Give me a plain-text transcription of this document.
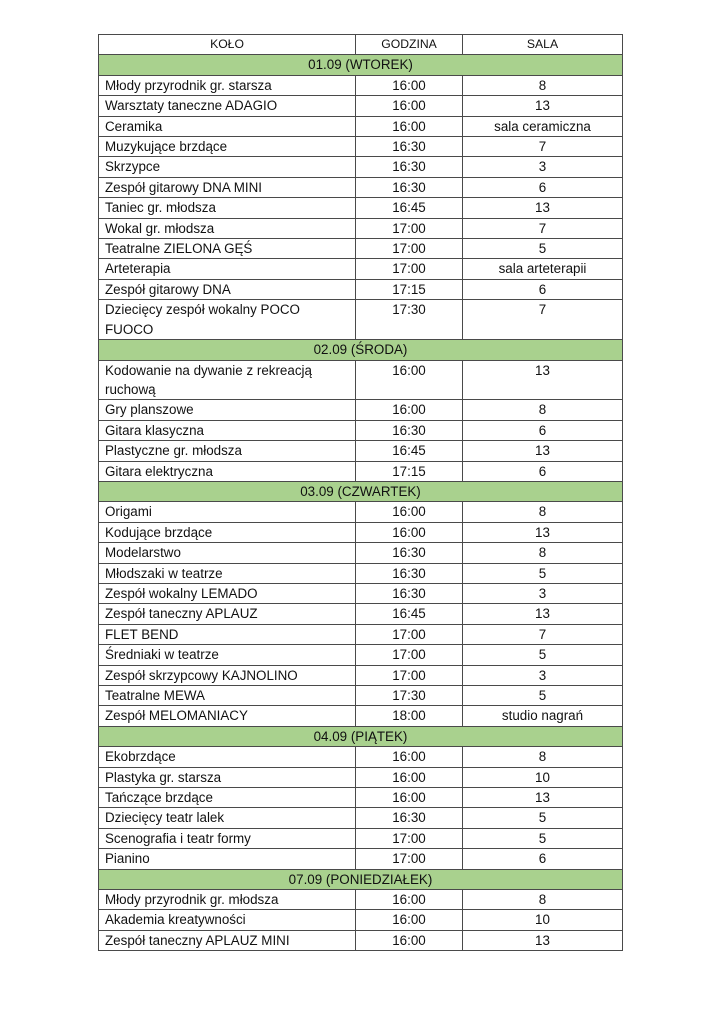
KOŁO	GODZINA	SALA
01.09 (WTOREK)		
Młody przyrodnik gr. starsza	16:00	8
Warsztaty taneczne ADAGIO	16:00	13
Ceramika	16:00	sala ceramiczna
Muzykujące brzdące	16:30	7
Skrzypce	16:30	3
Zespół gitarowy DNA MINI	16:30	6
Taniec gr. młodsza	16:45	13
Wokal gr. młodsza	17:00	7
Teatralne ZIELONA GĘŚ	17:00	5
Arteterapia	17:00	sala arteterapii
Zespół gitarowy DNA	17:15	6
Dziecięcy zespół wokalny POCO FUOCO	17:30	7
02.09 (ŚRODA)		
Kodowanie na dywanie z rekreacją ruchową	16:00	13
Gry planszowe	16:00	8
Gitara klasyczna	16:30	6
Plastyczne gr. młodsza	16:45	13
Gitara elektryczna	17:15	6
03.09 (CZWARTEK)		
Origami	16:00	8
Kodujące brzdące	16:00	13
Modelarstwo	16:30	8
Młodszaki w teatrze	16:30	5
Zespół wokalny LEMADO	16:30	3
Zespół taneczny APLAUZ	16:45	13
FLET BEND	17:00	7
Średniaki w teatrze	17:00	5
Zespół skrzypcowy KAJNOLINO	17:00	3
Teatralne MEWA	17:30	5
Zespół MELOMANIACY	18:00	studio nagrań
04.09 (PIĄTEK)		
Ekobrzdące	16:00	8
Plastyka gr. starsza	16:00	10
Tańczące brzdące	16:00	13
Dziecięcy teatr lalek	16:30	5
Scenografia i teatr formy	17:00	5
Pianino	17:00	6
07.09 (PONIEDZIAŁEK)		
Młody przyrodnik gr. młodsza	16:00	8
Akademia kreatywności	16:00	10
Zespół taneczny APLAUZ MINI	16:00	13
